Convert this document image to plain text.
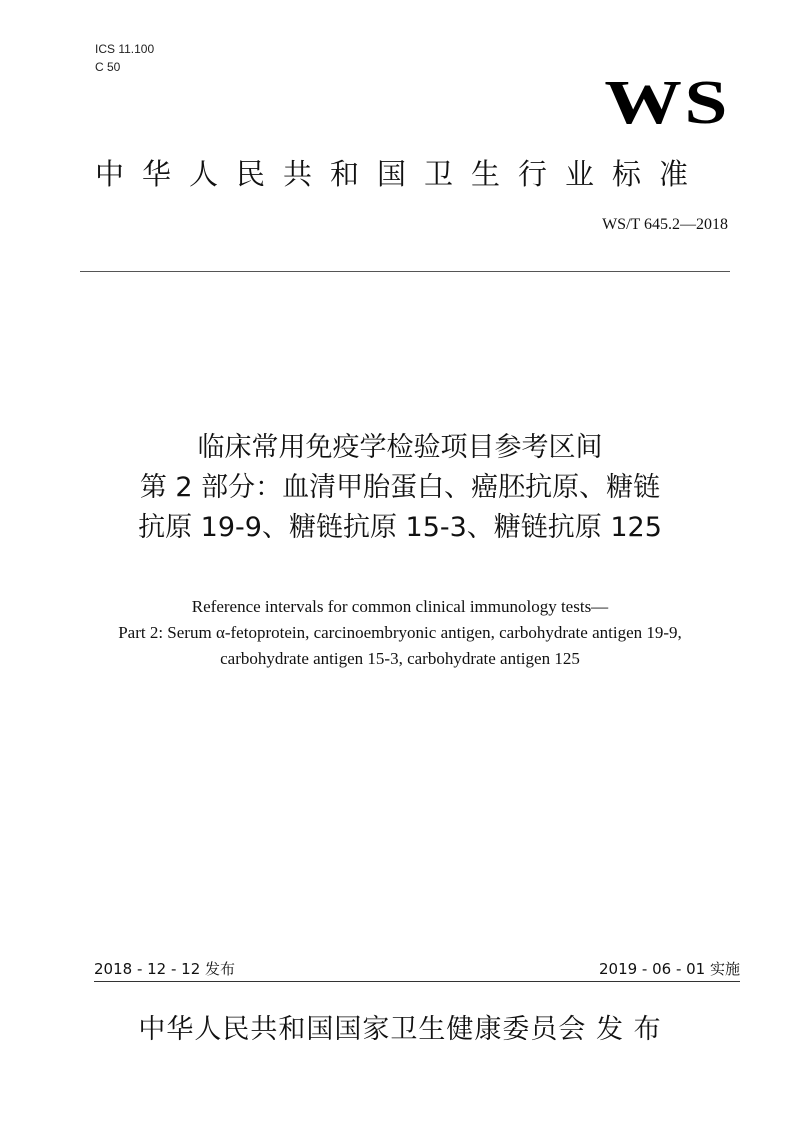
ICS 11.100
C 50
WS
中华人民共和国卫生行业标准
WS/T 645.2—2018
临床常用免疫学检验项目参考区间
第 2 部分：血清甲胎蛋白、癌胚抗原、糖链
抗原 19-9、糖链抗原 15-3、糖链抗原 125
Reference intervals for common clinical immunology tests—
Part 2: Serum α-fetoprotein, carcinoembryonic antigen, carbohydrate antigen 19-9,
carbohydrate antigen 15-3, carbohydrate antigen 125
2018 - 12 - 12 发布	2019 - 06 - 01 实施
中华人民共和国国家卫生健康委员会 发 布
